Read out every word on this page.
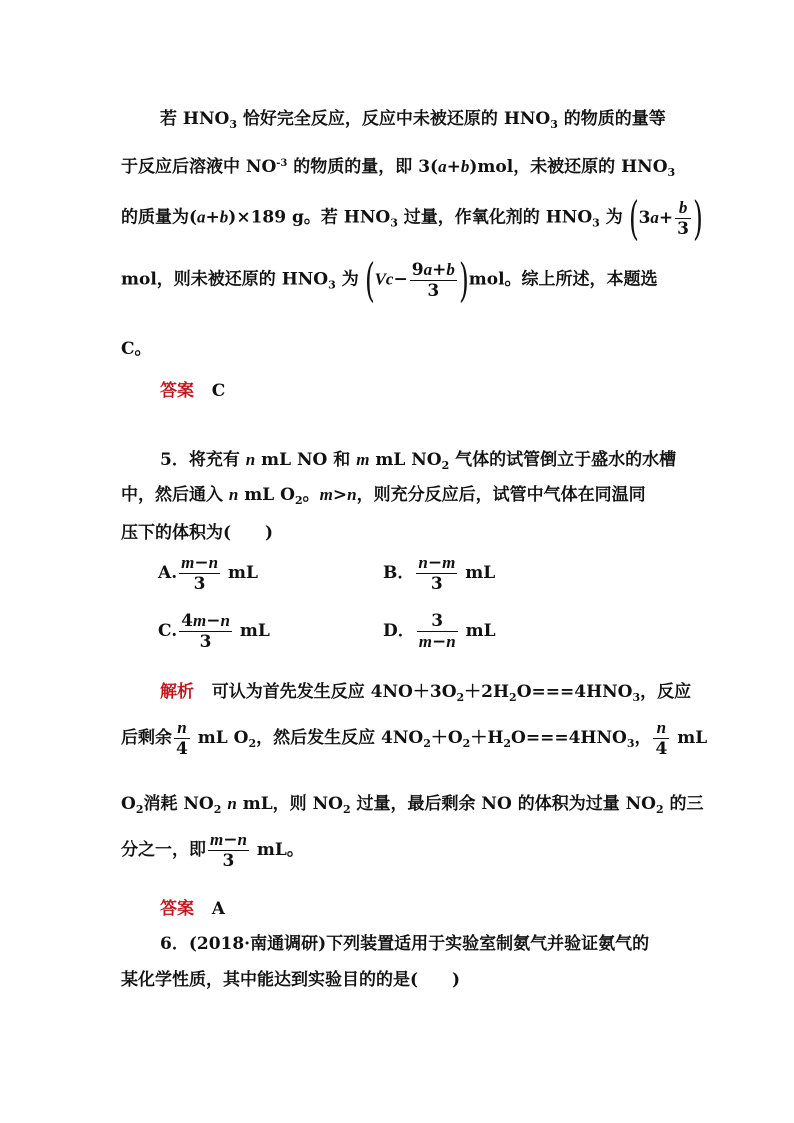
若 $HNO_3$ 恰好完全反应，反应中未被还原的 $HNO_3$ 的物质的量等
于反应后溶液中 $NO^{-3}$ 的物质的量，即 3(a+b)mol，未被还原的 $HNO_3$
的质量为(a+b)×189 g。若 $HNO_3$ 过量，作氧化剂的 $HNO_3$ 为 ($3a+ \frac{b}{3}$ )
mol，则未被还原的 $HNO_3$ 为 $(Vc- \frac{9a+b}{3} )mol$。综上所述，本题选
C。
答案 C
5．将充有 n mL NO 和 m mL $NO_2$ 气体的试管倒立于盛水的水槽
中，然后通入 n mL $O_2$。m>n，则充分反应后，试管中气体在同温同
压下的体积为(　　)
A. $\frac{m-n}{3}$ mL	B． $\frac{n-m}{3}$ mL
C. $\frac{4m-n}{3}$ mL	D． $\frac{3}{m-n}$ mL
解析 可认为首先发生反应 $4NO+3O_2+2H_2O===4HNO_3$，反应
后剩余 $\frac{n}{4}$ mL $O_2$，然后发生反应 $4NO_2+O_2+H_2O===4HNO_3$， $\frac{n}{4}$ mL
$O_2$消耗 $NO_2$ n mL，则 $NO_2$ 过量，最后剩余 NO 的体积为过量 $NO_2$ 的三
分之一，即 $\frac{m-n}{3}$ mL。
答案 A
6．(2018·南通调研)下列装置适用于实验室制氨气并验证氨气的
某化学性质，其中能达到实验目的的是(　　)
